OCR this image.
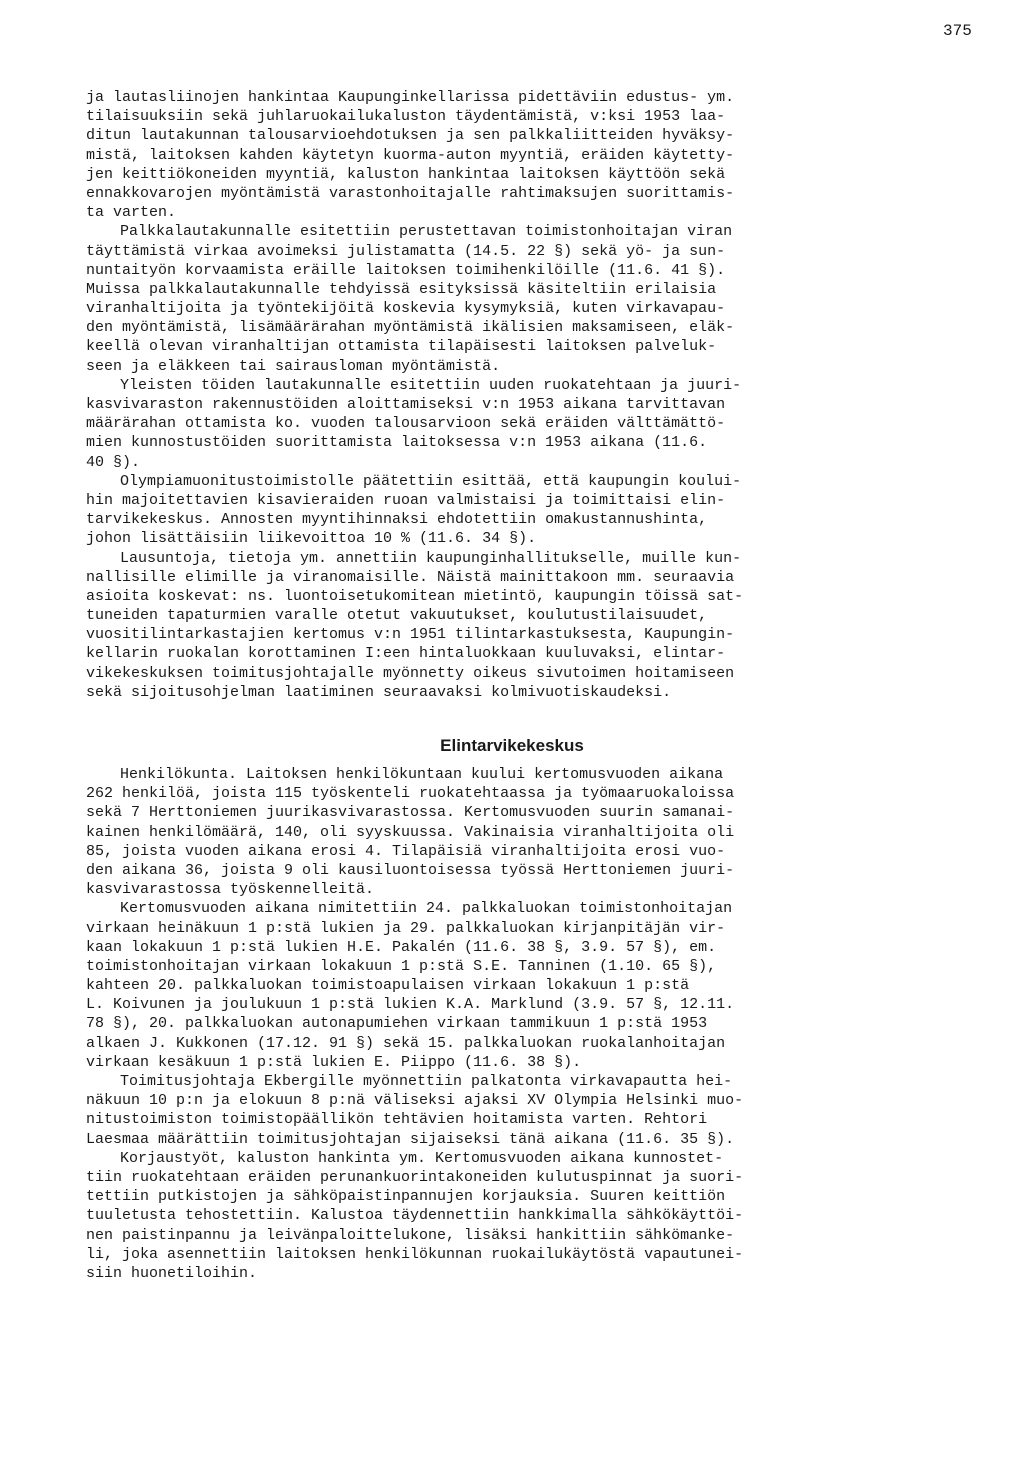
375
ja lautasliinojen hankintaa Kaupunginkellarissa pidettäviin edustus- ym.
tilaisuuksiin sekä juhlaruokailukaluston täydentämistä, v:ksi 1953 laa-
ditun lautakunnan talousarvioehdotuksen ja sen palkkaliitteiden hyväksy-
mistä, laitoksen kahden käytetyn kuorma-auton myyntiä, eräiden käytetty-
jen keittiökoneiden myyntiä, kaluston hankintaa laitoksen käyttöön sekä
ennakkovarojen myöntämistä varastonhoitajalle rahtimaksujen suorittamis-
ta varten.
Palkkalautakunnalle esitettiin perustettavan toimistonhoitajan viran
täyttämistä virkaa avoimeksi julistamatta (14.5. 22 §) sekä yö- ja sun-
nuntaityön korvaamista eräille laitoksen toimihenkilöille (11.6. 41 §).
Muissa palkkalautakunnalle tehdyissä esityksissä käsiteltiin erilaisia
viranhaltijoita ja työntekijöitä koskevia kysymyksiä, kuten virkavapau-
den myöntämistä, lisämäärärahan myöntämistä ikälisien maksamiseen, eläk-
keellä olevan viranhaltijan ottamista tilapäisesti laitoksen palveluk-
seen ja eläkkeen tai sairausloman myöntämistä.
Yleisten töiden lautakunnalle esitettiin uuden ruokatehtaan ja juuri-
kasvivaraston rakennustöiden aloittamiseksi v:n 1953 aikana tarvittavan
määrärahan ottamista ko. vuoden talousarvioon sekä eräiden välttämättö-
mien kunnostustöiden suorittamista laitoksessa v:n 1953 aikana (11.6.
40 §).
Olympiamuonitustoimistolle päätettiin esittää, että kaupungin koului-
hin majoitettavien kisavieraiden ruoan valmistaisi ja toimittaisi elin-
tarvikekeskus. Annosten myyntihinnaksi ehdotettiin omakustannushinta,
johon lisättäisiin liikevoittoa 10 % (11.6. 34 §).
Lausuntoja, tietoja ym. annettiin kaupunginhallitukselle, muille kun-
nallisille elimille ja viranomaisille. Näistä mainittakoon mm. seuraavia
asioita koskevat: ns. luontoisetukomitean mietintö, kaupungin töissä sat-
tuneiden tapaturmien varalle otetut vakuutukset, koulutustilaisuudet,
vuositilintarkastajien kertomus v:n 1951 tilintarkastuksesta, Kaupungin-
kellarin ruokalan korottaminen I:een hintaluokkaan kuuluvaksi, elintar-
vikekeskuksen toimitusjohtajalle myönnetty oikeus sivutoimen hoitamiseen
sekä sijoitusohjelman laatiminen seuraavaksi kolmivuotiskaudeksi.
Elintarvikekeskus
Henkilökunta. Laitoksen henkilökuntaan kuului kertomusvuoden aikana
262 henkilöä, joista 115 työskenteli ruokatehtaassa ja työmaaruokaloissa
sekä 7 Herttoniemen juurikasvivarastossa. Kertomusvuoden suurin samanai-
kainen henkilömäärä, 140, oli syyskuussa. Vakinaisia viranhaltijoita oli
85, joista vuoden aikana erosi 4. Tilapäisiä viranhaltijoita erosi vuo-
den aikana 36, joista 9 oli kausiluontoisessa työssä Herttoniemen juuri-
kasvivarastossa työskennelleitä.
Kertomusvuoden aikana nimitettiin 24. palkkaluokan toimistonhoitajan
virkaan heinäkuun 1 p:stä lukien ja 29. palkkaluokan kirjanpitäjän vir-
kaan lokakuun 1 p:stä lukien H.E. Pakalén (11.6. 38 §, 3.9. 57 §), em.
toimistonhoitajan virkaan lokakuun 1 p:stä S.E. Tanninen (1.10. 65 §),
kahteen 20. palkkaluokan toimistoapulaisen virkaan lokakuun 1 p:stä
L. Koivunen ja joulukuun 1 p:stä lukien K.A. Marklund (3.9. 57 §, 12.11.
78 §), 20. palkkaluokan autonapumiehen virkaan tammikuun 1 p:stä 1953
alkaen J. Kukkonen (17.12. 91 §) sekä 15. palkkaluokan ruokalanhoitajan
virkaan kesäkuun 1 p:stä lukien E. Piippo (11.6. 38 §).
Toimitusjohtaja Ekbergille myönnettiin palkatonta virkavapautta hei-
näkuun 10 p:n ja elokuun 8 p:nä väliseksi ajaksi XV Olympia Helsinki muo-
nitustoimiston toimistopäällikön tehtävien hoitamista varten. Rehtori
Laesmaa määrättiin toimitusjohtajan sijaiseksi tänä aikana (11.6. 35 §).
Korjaustyöt, kaluston hankinta ym. Kertomusvuoden aikana kunnostet-
tiin ruokatehtaan eräiden perunankuorintakoneiden kulutuspinnat ja suori-
tettiin putkistojen ja sähköpaistinpannujen korjauksia. Suuren keittiön
tuuletusta tehostettiin. Kalustoa täydennettiin hankkimalla sähkökäyttöi-
nen paistinpannu ja leivänpaloittelukone, lisäksi hankittiin sähkömanke-
li, joka asennettiin laitoksen henkilökunnan ruokailukäytöstä vapautunei-
siin huonetiloihin.
